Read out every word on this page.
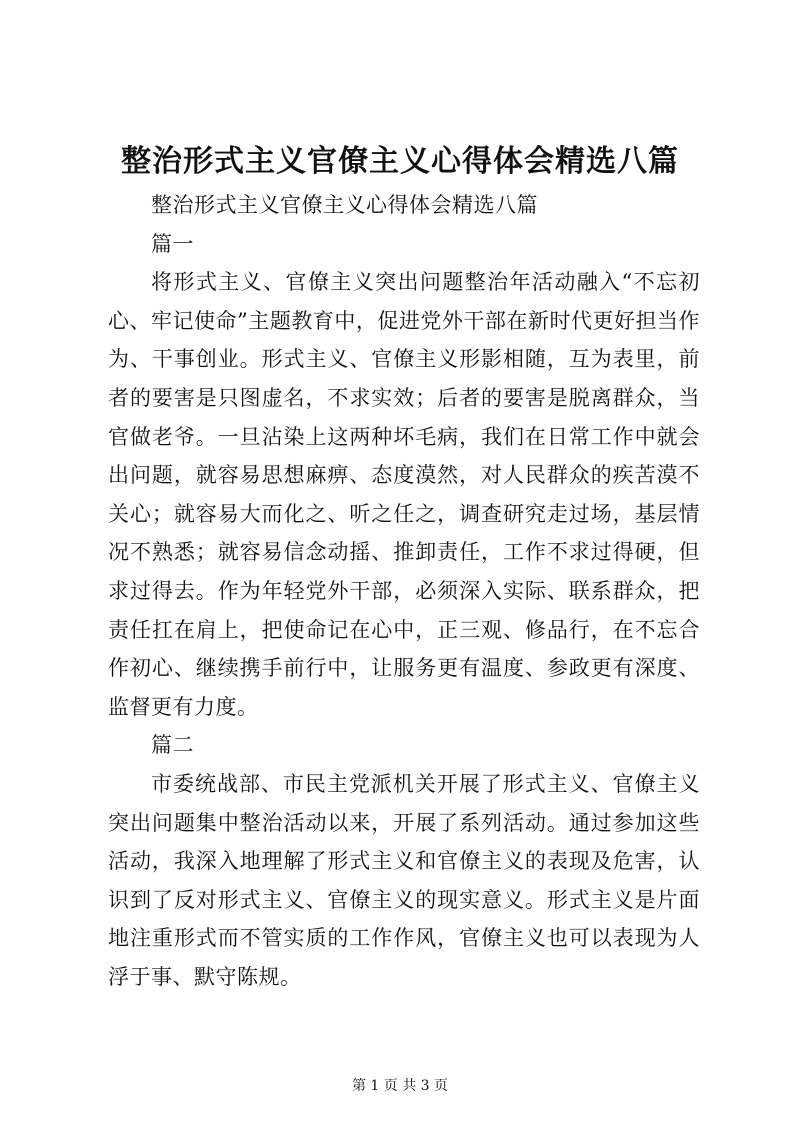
整治形式主义官僚主义心得体会精选八篇

整治形式主义官僚主义心得体会精选八篇

篇一

将形式主义、官僚主义突出问题整治年活动融入“不忘初心、牢记使命”主题教育中，促进党外干部在新时代更好担当作为、干事创业。形式主义、官僚主义形影相随，互为表里，前者的要害是只图虚名，不求实效；后者的要害是脱离群众，当官做老爷。一旦沾染上这两种坏毛病，我们在日常工作中就会出问题，就容易思想麻痹、态度漠然，对人民群众的疾苦漠不关心；就容易大而化之、听之任之，调查研究走过场，基层情况不熟悉；就容易信念动摇、推卸责任，工作不求过得硬，但求过得去。作为年轻党外干部，必须深入实际、联系群众，把责任扛在肩上，把使命记在心中，正三观、修品行，在不忘合作初心、继续携手前行中，让服务更有温度、参政更有深度、监督更有力度。

篇二

市委统战部、市民主党派机关开展了形式主义、官僚主义突出问题集中整治活动以来，开展了系列活动。通过参加这些活动，我深入地理解了形式主义和官僚主义的表现及危害，认识到了反对形式主义、官僚主义的现实意义。形式主义是片面地注重形式而不管实质的工作作风，官僚主义也可以表现为人浮于事、默守陈规。

第 1 页 共 3 页
